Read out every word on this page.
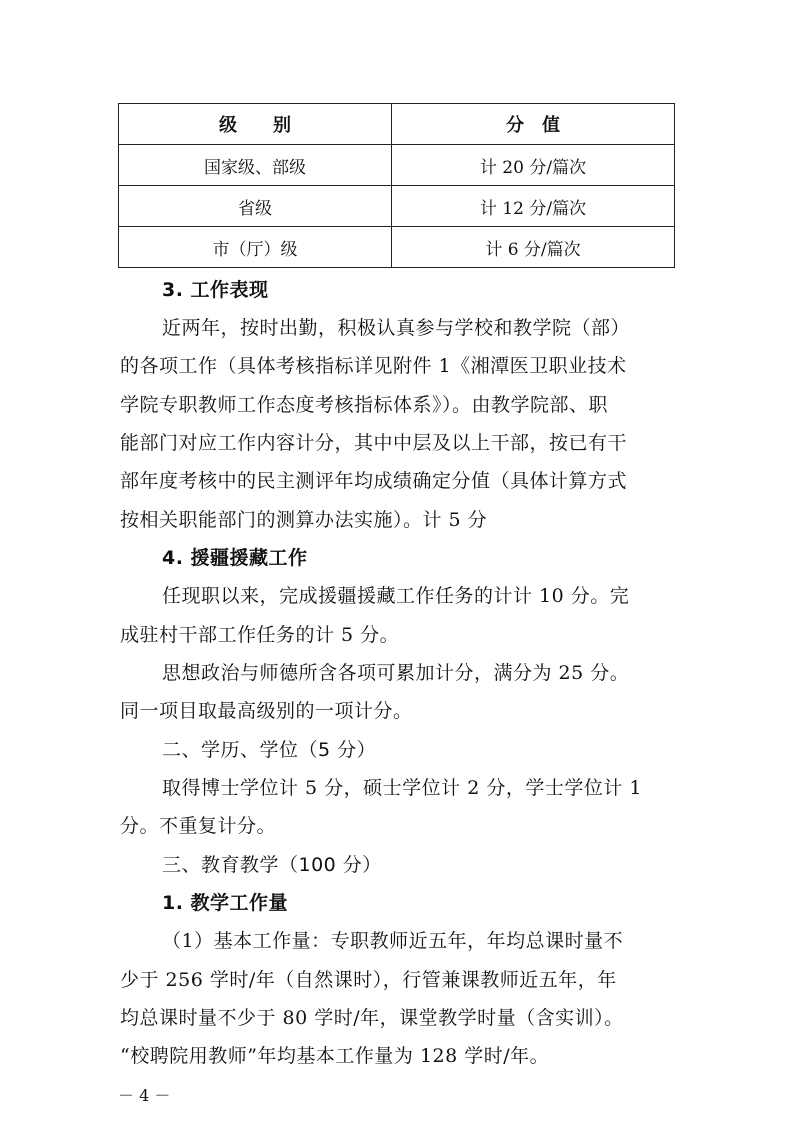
级　　别	分　值
国家级、部级	计 20 分/篇次
省级	计 12 分/篇次
市（厅）级	计 6 分/篇次
3. 工作表现
近两年，按时出勤，积极认真参与学校和教学院（部）
的各项工作（具体考核指标详见附件 1《湘潭医卫职业技术
学院专职教师工作态度考核指标体系》）。由教学院部、职
能部门对应工作内容计分，其中中层及以上干部，按已有干
部年度考核中的民主测评年均成绩确定分值（具体计算方式
按相关职能部门的测算办法实施）。计 5 分
4. 援疆援藏工作
任现职以来，完成援疆援藏工作任务的计计 10 分。完
成驻村干部工作任务的计 5 分。
思想政治与师德所含各项可累加计分，满分为 25 分。
同一项目取最高级别的一项计分。
二、学历、学位（5 分）
取得博士学位计 5 分，硕士学位计 2 分，学士学位计 1
分。不重复计分。
三、教育教学（100 分）
1. 教学工作量
（1）基本工作量：专职教师近五年，年均总课时量不
少于 256 学时/年（自然课时），行管兼课教师近五年，年
均总课时量不少于 80 学时/年，课堂教学时量（含实训）。
“校聘院用教师”年均基本工作量为 128 学时/年。
－ 4 －
